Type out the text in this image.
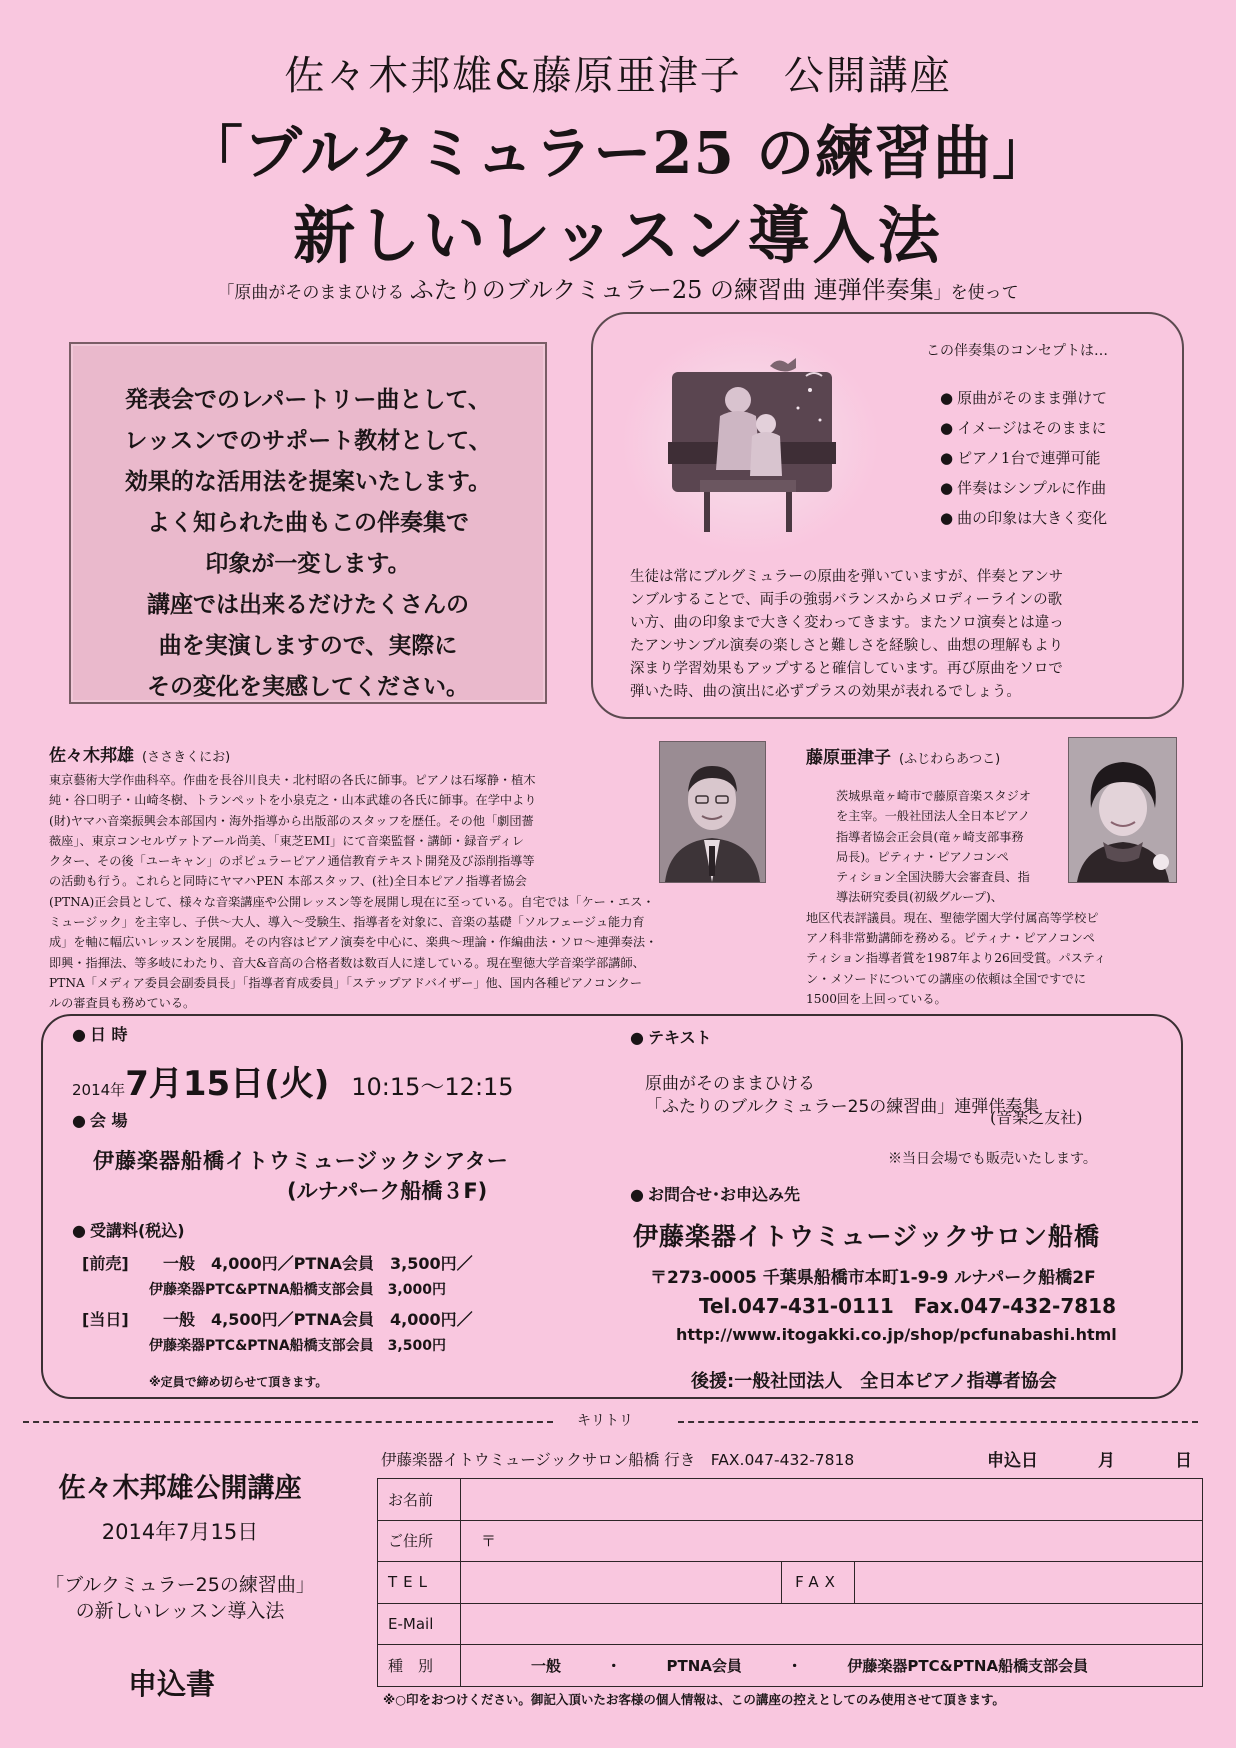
佐々木邦雄&藤原亜津子　公開講座
「ブルクミュラー25 の練習曲」
新しいレッスン導入法
「原曲がそのままひける ふたりのブルクミュラー25 の練習曲 連弾伴奏集」を使って
発表会でのレパートリー曲として、
レッスンでのサポート教材として、
効果的な活用法を提案いたします。
よく知られた曲もこの伴奏集で
印象が一変します。
講座では出来るだけたくさんの
曲を実演しますので、実際に
その変化を実感してください。
この伴奏集のコンセプトは…
● 原曲がそのまま弾けて
● イメージはそのままに
● ピアノ1台で連弾可能
● 伴奏はシンプルに作曲
● 曲の印象は大きく変化
生徒は常にブルグミュラーの原曲を弾いていますが、伴奏とアンサ
ンブルすることで、両手の強弱バランスからメロディーラインの歌
い方、曲の印象まで大きく変わってきます。またソロ演奏とは違っ
たアンサンブル演奏の楽しさと難しさを経験し、曲想の理解もより
深まり学習効果もアップすると確信しています。再び原曲をソロで
弾いた時、曲の演出に必ずプラスの効果が表れるでしょう。
佐々木邦雄 (ささきくにお)
東京藝術大学作曲科卒。作曲を長谷川良夫・北村昭の各氏に師事。ピアノは石塚静・植木
純・谷口明子・山崎冬樹、トランペットを小泉克之・山本武雄の各氏に師事。在学中より
(財)ヤマハ音楽振興会本部国内・海外指導から出版部のスタッフを歴任。その他「劇団薔
薇座」、東京コンセルヴァトアール尚美、「東芝EMI」にて音楽監督・講師・録音ディレ
クター、その後「ユーキャン」のポピュラーピアノ通信教育テキスト開発及び添削指導等
の活動も行う。これらと同時にヤマハPEN 本部スタッフ、(社)全日本ピアノ指導者協会
(PTNA)正会員として、様々な音楽講座や公開レッスン等を展開し現在に至っている。自宅では「ケー・エス・
ミュージック」を主宰し、子供～大人、導入～受験生、指導者を対象に、音楽の基礎「ソルフェージュ能力育
成」を軸に幅広いレッスンを展開。その内容はピアノ演奏を中心に、楽典～理論・作編曲法・ソロ～連弾奏法・
即興・指揮法、等多岐にわたり、音大&音高の合格者数は数百人に達している。現在聖徳大学音楽学部講師、
PTNA「メディア委員会副委員長」「指導者育成委員」「ステップアドバイザー」他、国内各種ピアノコンクー
ルの審査員も務めている。
藤原亜津子 (ふじわらあつこ)
茨城県竜ヶ崎市で藤原音楽スタジオ
を主宰。一般社団法人全日本ピアノ
指導者協会正会員(竜ヶ崎支部事務
局長)。ピティナ・ピアノコンペ
ティション全国決勝大会審査員、指
導法研究委員(初級グループ)、
地区代表評議員。現在、聖徳学園大学付属高等学校ピ
アノ科非常勤講師を務める。ピティナ・ピアノコンペ
ティション指導者賞を1987年より26回受賞。パスティ
ン・メソードについての講座の依頼は全国ですでに
1500回を上回っている。
● 日 時
2014年7月15日(火) 10:15～12:15
● 会 場
伊藤楽器船橋イトウミュージックシアター
(ルナパーク船橋３F)
● 受講料(税込)
[前売] 一般　4,000円／PTNA会員　3,500円／
伊藤楽器PTC&PTNA船橋支部会員　3,000円
[当日] 一般　4,500円／PTNA会員　4,000円／
伊藤楽器PTC&PTNA船橋支部会員　3,500円
※定員で締め切らせて頂きます。
● テキスト
原曲がそのままひける
「ふたりのブルクミュラー25の練習曲」連弾伴奏集
(音楽之友社)
※当日会場でも販売いたします。
● お問合せ･お申込み先
伊藤楽器イトウミュージックサロン船橋
〒273-0005 千葉県船橋市本町1-9-9 ルナパーク船橋2F
Tel.047-431-0111　Fax.047-432-7818
http://www.itogakki.co.jp/shop/pcfunabashi.html
後援:一般社団法人　全日本ピアノ指導者協会
キリトリ
佐々木邦雄公開講座
2014年7月15日
「ブルクミュラー25の練習曲」
の新しいレッスン導入法
申込書
伊藤楽器イトウミュージックサロン船橋 行き　FAX.047-432-7818	申込日	月	日
お名前			
ご住所	〒		
TEL		FAX	
E-Mail			
種　別	一般 ・ PTNA会員 ・ 伊藤楽器PTC&PTNA船橋支部会員		
※○印をおつけください。御記入頂いたお客様の個人情報は、この講座の控えとしてのみ使用させて頂きます。
